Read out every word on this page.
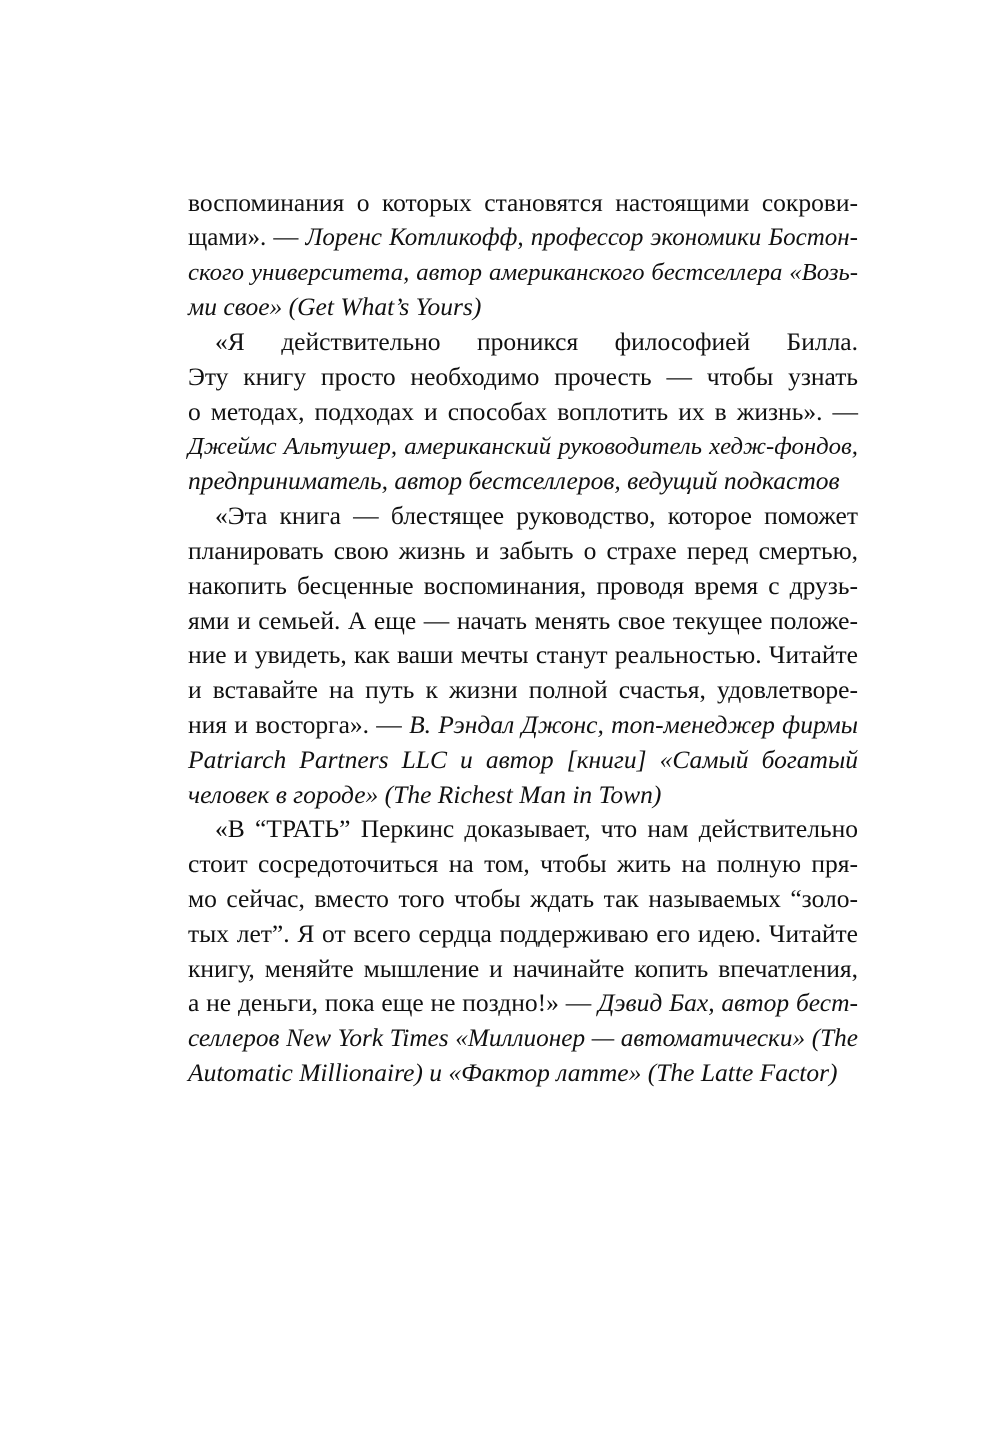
воспоминания о которых становятся настоящими сокрови-
щами». — Лоренс Котликофф, профессор экономики Бостон-
ского университета, автор американского бестселлера «Возь-
ми свое» (Get What’s Yours)
«Я действительно проникся философией Билла.
Эту книгу просто необходимо прочесть — чтобы узнать
о методах, подходах и способах воплотить их в жизнь». —
Джеймс Альтушер, американский руководитель хедж-фондов,
предприниматель, автор бестселлеров, ведущий подкастов
«Эта книга — блестящее руководство, которое поможет
планировать свою жизнь и забыть о страхе перед смертью,
накопить бесценные воспоминания, проводя время с друзь-
ями и семьей. А еще — начать менять свое текущее положе-
ние и увидеть, как ваши мечты станут реальностью. Читайте
и вставайте на путь к жизни полной счастья, удовлетворе-
ния и восторга». — В. Рэндал Джонс, топ-менеджер фирмы
Patriarch Partners LLC и автор [книги] «Самый богатый
человек в городе» (The Richest Man in Town)
«В “ТРАТЬ” Перкинс доказывает, что нам действительно
стоит сосредоточиться на том, чтобы жить на полную пря-
мо сейчас, вместо того чтобы ждать так называемых “золо-
тых лет”. Я от всего сердца поддерживаю его идею. Читайте
книгу, меняйте мышление и начинайте копить впечатления,
а не деньги, пока еще не поздно!» — Дэвид Бах, автор бест-
селлеров New York Times «Миллионер — автоматически» (The
Automatic Millionaire) и «Фактор латте» (The Latte Factor)
